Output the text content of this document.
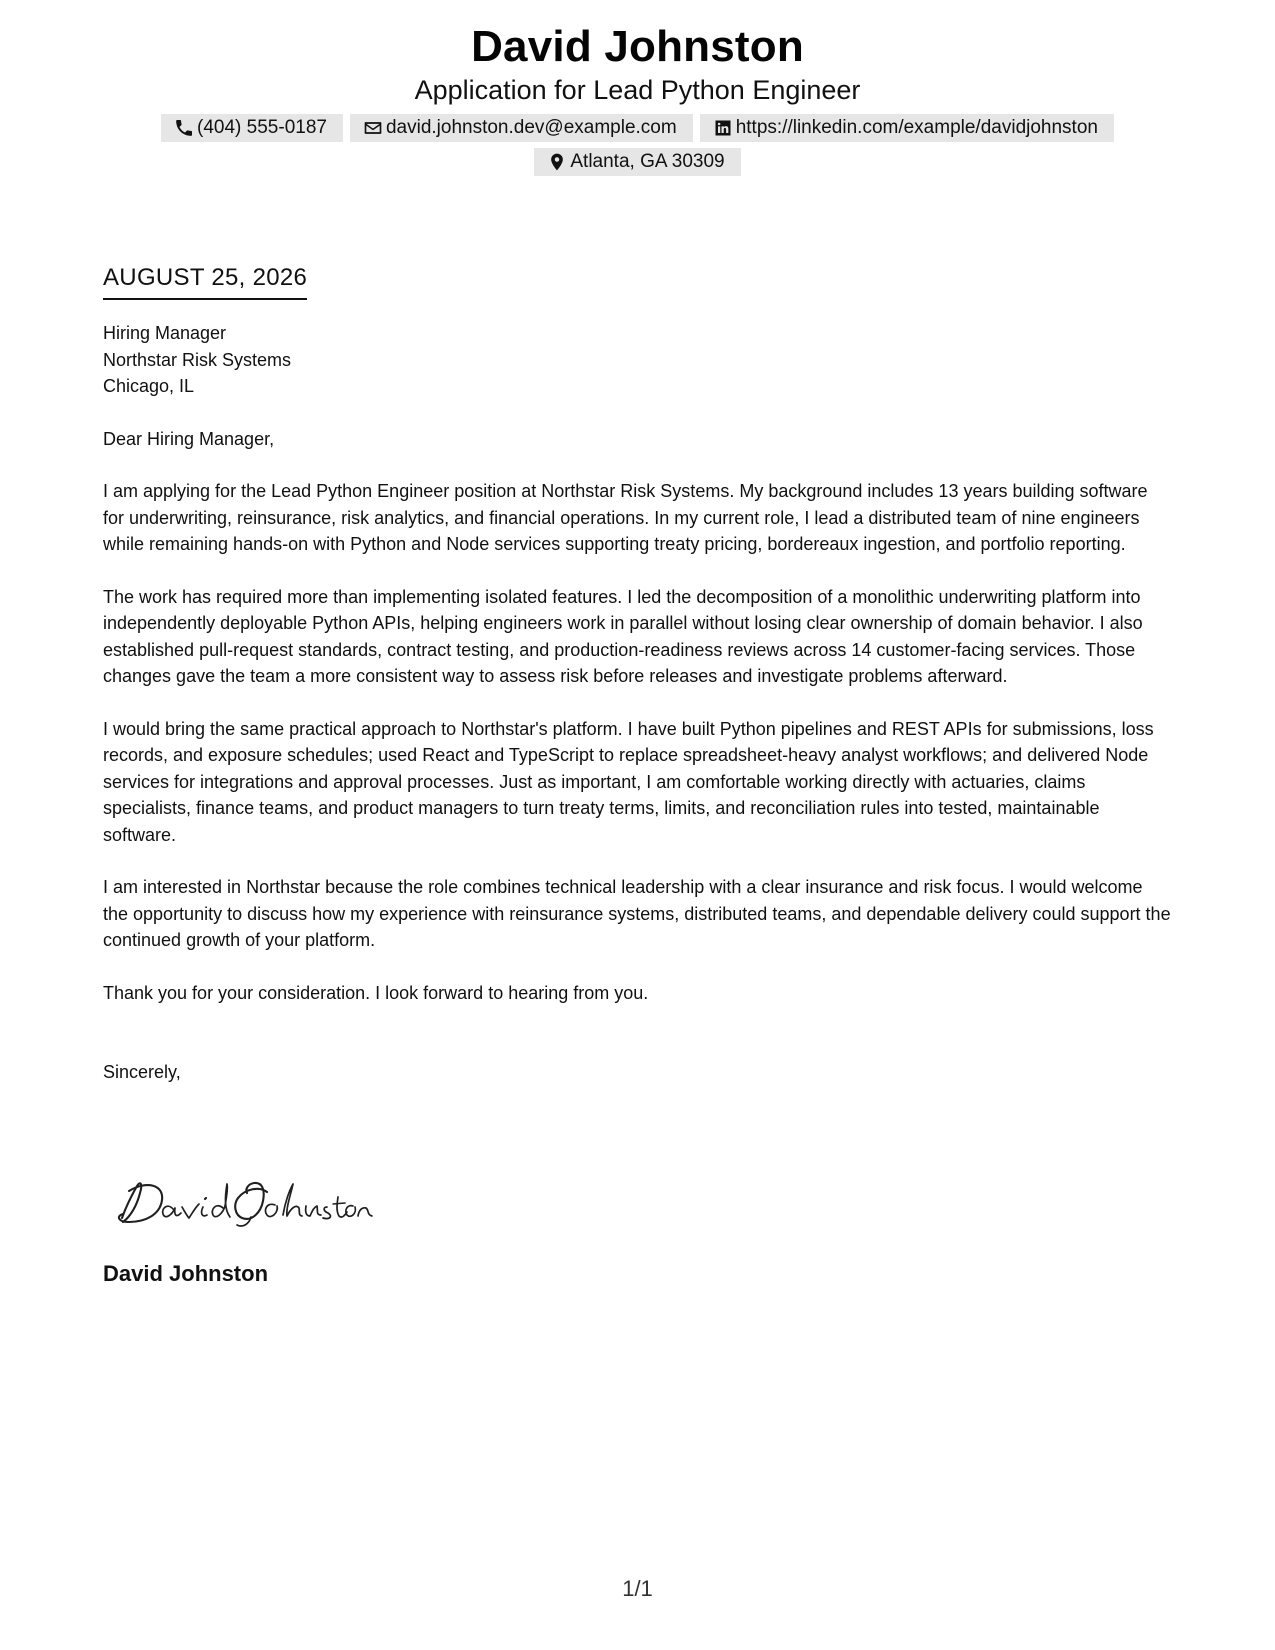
David Johnston
Application for Lead Python Engineer
(404) 555-0187	david.johnston.dev@example.com	https://linkedin.com/example/davidjohnston
Atlanta, GA 30309
AUGUST 25, 2026
Hiring Manager
Northstar Risk Systems
Chicago, IL

Dear Hiring Manager,

I am applying for the Lead Python Engineer position at Northstar Risk Systems. My background includes 13 years building software for underwriting, reinsurance, risk analytics, and financial operations. In my current role, I lead a distributed team of nine engineers while remaining hands-on with Python and Node services supporting treaty pricing, bordereaux ingestion, and portfolio reporting.

The work has required more than implementing isolated features. I led the decomposition of a monolithic underwriting platform into independently deployable Python APIs, helping engineers work in parallel without losing clear ownership of domain behavior. I also established pull-request standards, contract testing, and production-readiness reviews across 14 customer-facing services. Those changes gave the team a more consistent way to assess risk before releases and investigate problems afterward.

I would bring the same practical approach to Northstar's platform. I have built Python pipelines and REST APIs for submissions, loss records, and exposure schedules; used React and TypeScript to replace spreadsheet-heavy analyst workflows; and delivered Node services for integrations and approval processes. Just as important, I am comfortable working directly with actuaries, claims specialists, finance teams, and product managers to turn treaty terms, limits, and reconciliation rules into tested, maintainable software.

I am interested in Northstar because the role combines technical leadership with a clear insurance and risk focus. I would welcome the opportunity to discuss how my experience with reinsurance systems, distributed teams, and dependable delivery could support the continued growth of your platform.

Thank you for your consideration. I look forward to hearing from you.

Sincerely,

David Johnston
1/1
